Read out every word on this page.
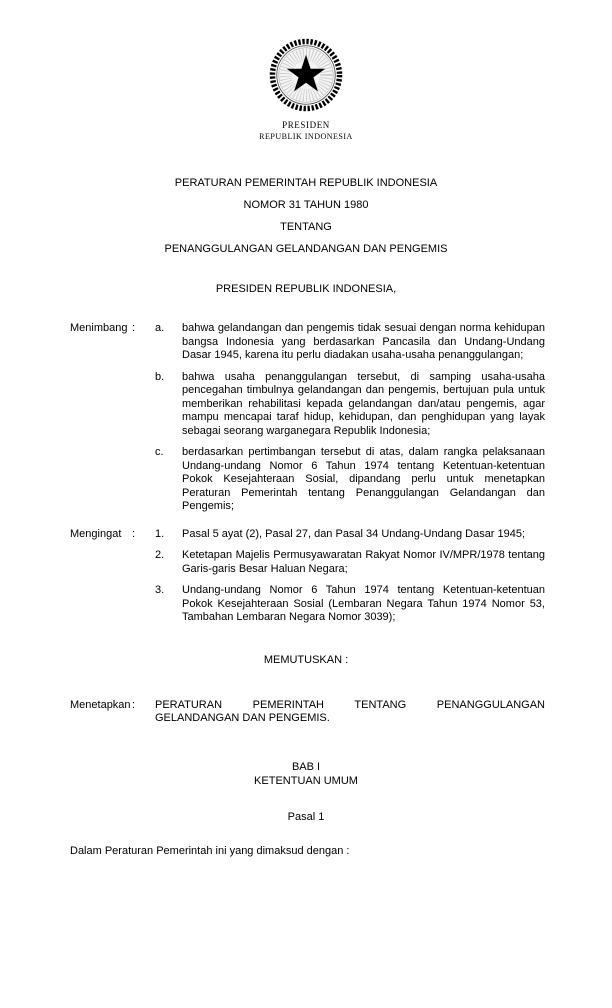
PRESIDEN
REPUBLIK INDONESIA
PERATURAN PEMERINTAH REPUBLIK INDONESIA
NOMOR 31 TAHUN 1980
TENTANG
PENANGGULANGAN GELANDANGAN DAN PENGEMIS
PRESIDEN REPUBLIK INDONESIA,
Menimbang :	a.	bahwa gelandangan dan pengemis tidak sesuai dengan norma kehidupan bangsa Indonesia yang berdasarkan Pancasila dan Undang-Undang Dasar 1945, karena itu perlu diadakan usaha-usaha penanggulangan;
b.	bahwa usaha penanggulangan tersebut, di samping usaha-usaha pencegahan timbulnya gelandangan dan pengemis, bertujuan pula untuk memberikan rehabilitasi kepada gelandangan dan/atau pengemis, agar mampu mencapai taraf hidup, kehidupan, dan penghidupan yang layak sebagai seorang warganegara Republik Indonesia;
c.	berdasarkan pertimbangan tersebut di atas, dalam rangka pelaksanaan Undang-undang Nomor 6 Tahun 1974 tentang Ketentuan-ketentuan Pokok Kesejahteraan Sosial, dipandang perlu untuk menetapkan Peraturan Pemerintah tentang Penanggulangan Gelandangan dan Pengemis;
Mengingat :	1.	Pasal 5 ayat (2), Pasal 27, dan Pasal 34 Undang-Undang Dasar 1945;
2.	Ketetapan Majelis Permusyawaratan Rakyat Nomor IV/MPR/1978 tentang Garis-garis Besar Haluan Negara;
3.	Undang-undang Nomor 6 Tahun 1974 tentang Ketentuan-ketentuan Pokok Kesejahteraan Sosial (Lembaran Negara Tahun 1974 Nomor 53, Tambahan Lembaran Negara Nomor 3039);
MEMUTUSKAN :
Menetapkan :	PERATURAN PEMERINTAH TENTANG PENANGGULANGAN GELANDANGAN DAN PENGEMIS.
BAB I
KETENTUAN UMUM
Pasal 1
Dalam Peraturan Pemerintah ini yang dimaksud dengan :
